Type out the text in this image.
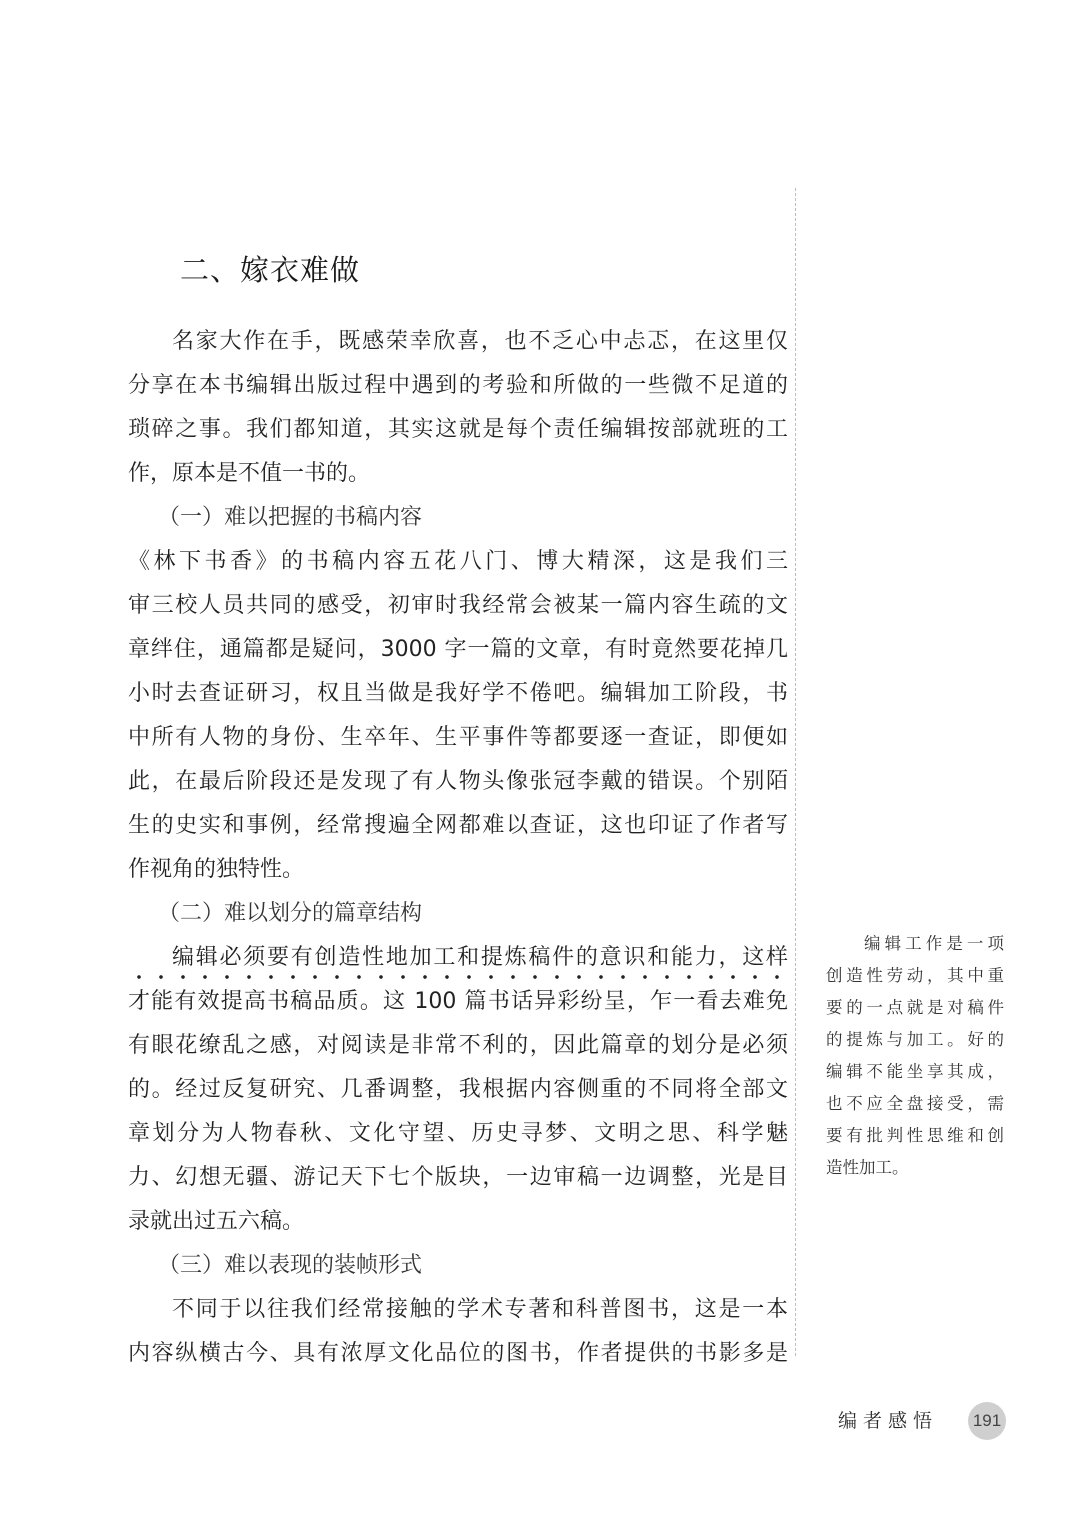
二、嫁衣难做
名家大作在手，既感荣幸欣喜，也不乏心中忐忑，在这里仅
分享在本书编辑出版过程中遇到的考验和所做的一些微不足道的
琐碎之事。我们都知道，其实这就是每个责任编辑按部就班的工
作，原本是不值一书的。
（一）难以把握的书稿内容
《林下书香》的书稿内容五花八门、博大精深，这是我们三
审三校人员共同的感受，初审时我经常会被某一篇内容生疏的文
章绊住，通篇都是疑问，3000 字一篇的文章，有时竟然要花掉几
小时去查证研习，权且当做是我好学不倦吧。编辑加工阶段，书
中所有人物的身份、生卒年、生平事件等都要逐一查证，即便如
此，在最后阶段还是发现了有人物头像张冠李戴的错误。个别陌
生的史实和事例，经常搜遍全网都难以查证，这也印证了作者写
作视角的独特性。
（二）难以划分的篇章结构
编辑必须要有创造性地加工和提炼稿件的意识和能力，这样
才能有效提高书稿品质。这 100 篇书话异彩纷呈，乍一看去难免
有眼花缭乱之感，对阅读是非常不利的，因此篇章的划分是必须
的。经过反复研究、几番调整，我根据内容侧重的不同将全部文
章划分为人物春秋、文化守望、历史寻梦、文明之思、科学魅
力、幻想无疆、游记天下七个版块，一边审稿一边调整，光是目
录就出过五六稿。
（三）难以表现的装帧形式
不同于以往我们经常接触的学术专著和科普图书，这是一本
内容纵横古今、具有浓厚文化品位的图书，作者提供的书影多是
编辑工作是一项
创造性劳动，其中重
要的一点就是对稿件
的提炼与加工。好的
编辑不能坐享其成，
也不应全盘接受，需
要有批判性思维和创
造性加工。
编者感悟 191
